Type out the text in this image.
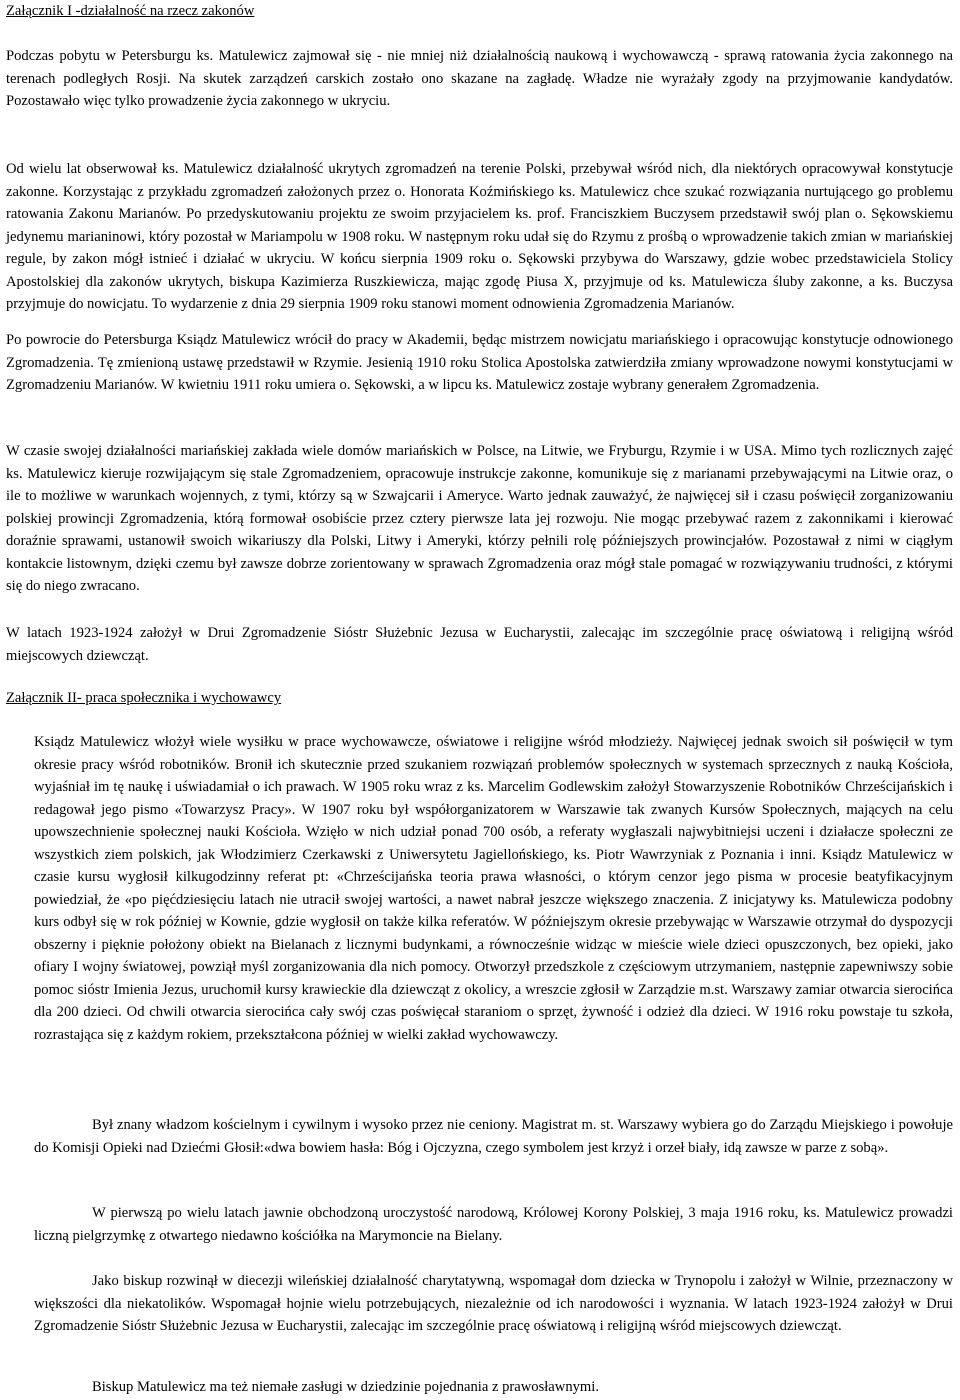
Załącznik I -działalność na rzecz zakonów

Podczas pobytu w Petersburgu ks. Matulewicz zajmował się - nie mniej niż działalnością naukową i wychowawczą - sprawą ratowania życia zakonnego na terenach podległych Rosji. Na skutek zarządzeń carskich zostało ono skazane na zagładę. Władze nie wyrażały zgody na przyjmowanie kandydatów. Pozostawało więc tylko prowadzenie życia zakonnego w ukryciu.

Od wielu lat obserwował ks. Matulewicz działalność ukrytych zgromadzeń na terenie Polski, przebywał wśród nich, dla niektórych opracowywał konstytucje zakonne. Korzystając z przykładu zgromadzeń założonych przez o. Honorata Koźmińskiego ks. Matulewicz chce szukać rozwiązania nurtującego go problemu ratowania Zakonu Marianów. Po przedyskutowaniu projektu ze swoim przyjacielem ks. prof. Franciszkiem Buczysem przedstawił swój plan o. Sękowskiemu jedynemu marianinowi, który pozostał w Mariampolu w 1908 roku. W następnym roku udał się do Rzymu z prośbą o wprowadzenie takich zmian w mariańskiej regule, by zakon mógł istnieć i działać w ukryciu. W końcu sierpnia 1909 roku o. Sękowski przybywa do Warszawy, gdzie wobec przedstawiciela Stolicy Apostolskiej dla zakonów ukrytych, biskupa Kazimierza Ruszkiewicza, mając zgodę Piusa X, przyjmuje od ks. Matulewicza śluby zakonne, a ks. Buczysa przyjmuje do nowicjatu. To wydarzenie z dnia 29 sierpnia 1909 roku stanowi moment odnowienia Zgromadzenia Marianów.

Po powrocie do Petersburga Ksiądz Matulewicz wrócił do pracy w Akademii, będąc mistrzem nowicjatu mariańskiego i opracowując konstytucje odnowionego Zgromadzenia. Tę zmienioną ustawę przedstawił w Rzymie. Jesienią 1910 roku Stolica Apostolska zatwierdziła zmiany wprowadzone nowymi konstytucjami w Zgromadzeniu Marianów. W kwietniu 1911 roku umiera o. Sękowski, a w lipcu ks. Matulewicz zostaje wybrany generałem Zgromadzenia.

W czasie swojej działalności mariańskiej zakłada wiele domów mariańskich w Polsce, na Litwie, we Fryburgu, Rzymie i w USA. Mimo tych rozlicznych zajęć ks. Matulewicz kieruje rozwijającym się stale Zgromadzeniem, opracowuje instrukcje zakonne, komunikuje się z marianami przebywającymi na Litwie oraz, o ile to możliwe w warunkach wojennych, z tymi, którzy są w Szwajcarii i Ameryce. Warto jednak zauważyć, że najwięcej sił i czasu poświęcił zorganizowaniu polskiej prowincji Zgromadzenia, którą formował osobiście przez cztery pierwsze lata jej rozwoju. Nie mogąc przebywać razem z zakonnikami i kierować doraźnie sprawami, ustanowił swoich wikariuszy dla Polski, Litwy i Ameryki, którzy pełnili rolę późniejszych prowincjałów. Pozostawał z nimi w ciągłym kontakcie listownym, dzięki czemu był zawsze dobrze zorientowany w sprawach Zgromadzenia oraz mógł stale pomagać w rozwiązywaniu trudności, z którymi się do niego zwracano.

W latach 1923-1924 założył w Drui Zgromadzenie Sióstr Służebnic Jezusa w Eucharystii, zalecając im szczególnie pracę oświatową i religijną wśród miejscowych dziewcząt.

Załącznik II- praca społecznika i wychowawcy

Ksiądz Matulewicz włożył wiele wysiłku w prace wychowawcze, oświatowe i religijne wśród młodzieży. Najwięcej jednak swoich sił poświęcił w tym okresie pracy wśród robotników. Bronił ich skutecznie przed szukaniem rozwiązań problemów społecznych w systemach sprzecznych z nauką Kościoła, wyjaśniał im tę naukę i uświadamiał o ich prawach. W 1905 roku wraz z ks. Marcelim Godlewskim założył Stowarzyszenie Robotników Chrześcijańskich i redagował jego pismo «Towarzysz Pracy». W 1907 roku był współorganizatorem w Warszawie tak zwanych Kursów Społecznych, mających na celu upowszechnienie społecznej nauki Kościoła. Wzięło w nich udział ponad 700 osób, a referaty wygłaszali najwybitniejsi uczeni i działacze społeczni ze wszystkich ziem polskich, jak Włodzimierz Czerkawski z Uniwersytetu Jagiellońskiego, ks. Piotr Wawrzyniak z Poznania i inni. Ksiądz Matulewicz w czasie kursu wygłosił kilkugodzinny referat pt: «Chrześcijańska teoria prawa własności, o którym cenzor jego pisma w procesie beatyfikacyjnym powiedział, że «po pięćdziesięciu latach nie utracił swojej wartości, a nawet nabrał jeszcze większego znaczenia. Z inicjatywy ks. Matulewicza podobny kurs odbył się w rok później w Kownie, gdzie wygłosił on także kilka referatów. W późniejszym okresie przebywając w Warszawie otrzymał do dyspozycji obszerny i pięknie położony obiekt na Bielanach z licznymi budynkami, a równocześnie widząc w mieście wiele dzieci opuszczonych, bez opieki, jako ofiary I wojny światowej, powziął myśl zorganizowania dla nich pomocy. Otworzył przedszkole z częściowym utrzymaniem, następnie zapewniwszy sobie pomoc sióstr Imienia Jezus, uruchomił kursy krawieckie dla dziewcząt z okolicy, a wreszcie zgłosił w Zarządzie m.st. Warszawy zamiar otwarcia sierocińca dla 200 dzieci. Od chwili otwarcia sierocińca cały swój czas poświęcał staraniom o sprzęt, żywność i odzież dla dzieci. W 1916 roku powstaje tu szkoła, rozrastająca się z każdym rokiem, przekształcona później w wielki zakład wychowawczy.

Był znany władzom kościelnym i cywilnym i wysoko przez nie ceniony. Magistrat m. st. Warszawy wybiera go do Zarządu Miejskiego i powołuje do Komisji Opieki nad Dziećmi Głosił:«dwa bowiem hasła: Bóg i Ojczyzna, czego symbolem jest krzyż i orzeł biały, idą zawsze w parze z sobą».

W pierwszą po wielu latach jawnie obchodzoną uroczystość narodową, Królowej Korony Polskiej, 3 maja 1916 roku, ks. Matulewicz prowadzi liczną pielgrzymkę z otwartego niedawno kościółka na Marymoncie na Bielany.

Jako biskup rozwinął w diecezji wileńskiej działalność charytatywną, wspomagał dom dziecka w Trynopolu i założył w Wilnie, przeznaczony w większości dla niekatolików. Wspomagał hojnie wielu potrzebujących, niezależnie od ich narodowości i wyznania. W latach 1923-1924 założył w Drui Zgromadzenie Sióstr Służebnic Jezusa w Eucharystii, zalecając im szczególnie pracę oświatową i religijną wśród miejscowych dziewcząt.

Biskup Matulewicz ma też niemałe zasługi w dziedzinie pojednania z prawosławnymi.
